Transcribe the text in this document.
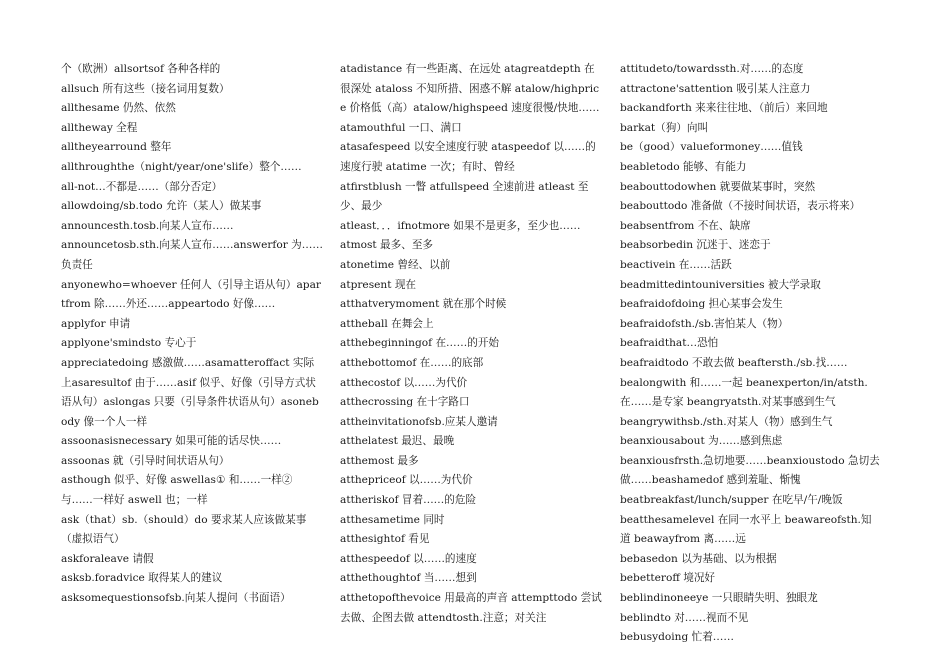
个（欧洲）allsortsof 各种各样的

allsuch 所有这些（接名词用复数）

allthesame 仍然、依然

alltheway 全程

alltheyearround 整年

allthroughthe（night/year/one'slife）整个……

all-not…不都是……（部分否定）

allowdoing/sb.todo 允许（某人）做某事

announcesth.tosb.向某人宣布……

announcetosb.sth.向某人宣布……answerfor 为……负责任

anyonewho=whoever 任何人（引导主语从句）apartfrom 除……外还……appeartodo 好像……

applyfor 申请

applyone'smindsto 专心于

appreciatedoing 感激做……asamatteroffact 实际上asaresultof 由于……asif 似乎、好像（引导方式状语从句）aslongas 只要（引导条件状语从句）asonebody 像一个人一样

assoonasisnecessary 如果可能的话尽快……

assoonas 就（引导时间状语从句）

asthough 似乎、好像 aswellas① 和……一样②与……一样好 aswell 也；一样

ask（that）sb.（should）do 要求某人应该做某事（虚拟语气）

askforaleave 请假

asksb.foradvice 取得某人的建议

asksomequestionsofsb.向某人提问（书面语）

atadistance 有一些距离、在远处 atagreatdepth 在很深处 ataloss 不知所措、困惑不解 atalow/highprice 价格低（高）atalow/highspeed 速度很慢/快地……atamouthful 一口、满口

atasafespeed 以安全速度行驶 ataspeedof 以……的速度行驶 atatime 一次；有时、曾经

atfirstblush 一瞥 atfullspeed 全速前进 atleast 至少、最少

atleast．．．ifnotmore 如果不是更多，至少也……

atmost 最多、至多

atonetime 曾经、以前

atpresent 现在

atthatverymoment 就在那个时候

attheball 在舞会上

atthebeginningof 在……的开始

atthebottomof 在……的底部

atthecostof 以……为代价

atthecrossing 在十字路口

attheinvitationofsb.应某人邀请

atthelatest 最迟、最晚

atthemost 最多

atthepriceof 以……为代价

attheriskof 冒着……的危险

atthesametime 同时

atthesightof 看见

atthespeedof 以……的速度

atthethoughtof 当……想到

atthetopofthevoice 用最高的声音 attempttodo 尝试去做、企图去做 attendtosth.注意；对关注

attitudeto/towardssth.对……的态度

attractone'sattention 吸引某人注意力

backandforth 来来往往地、（前后）来回地

barkat（狗）向叫

be（good）valueformoney……值钱

beabletodo 能够、有能力

beabouttodowhen 就要做某事时，突然

beabouttodo 准备做（不接时间状语，表示将来）

beabsentfrom 不在、缺席

beabsorbedin 沉迷于、迷恋于

beactivein 在……活跃

beadmittedintouniversities 被大学录取

beafraidofdoing 担心某事会发生

beafraidofsth./sb.害怕某人（物）

beafraidthat…恐怕

beafraidtodo 不敢去做 beaftersth./sb.找……

bealongwith 和……一起 beanexperton/in/atsth.在……是专家 beangryatsth.对某事感到生气

beangrywithsb./sth.对某人（物）感到生气

beanxiousabout 为……感到焦虑

beanxiousfrsth.急切地要……beanxioustodo 急切去做……beashamedof 感到羞耻、惭愧

beatbreakfast/lunch/supper 在吃早/午/晚饭

beatthesamelevel 在同一水平上 beawareofsth.知道 beawayfrom 离……远

bebasedon 以为基础、以为根据

bebetteroff 境况好

beblindinoneeye 一只眼睛失明、独眼龙

beblindto 对……视而不见

bebusydoing 忙着……
